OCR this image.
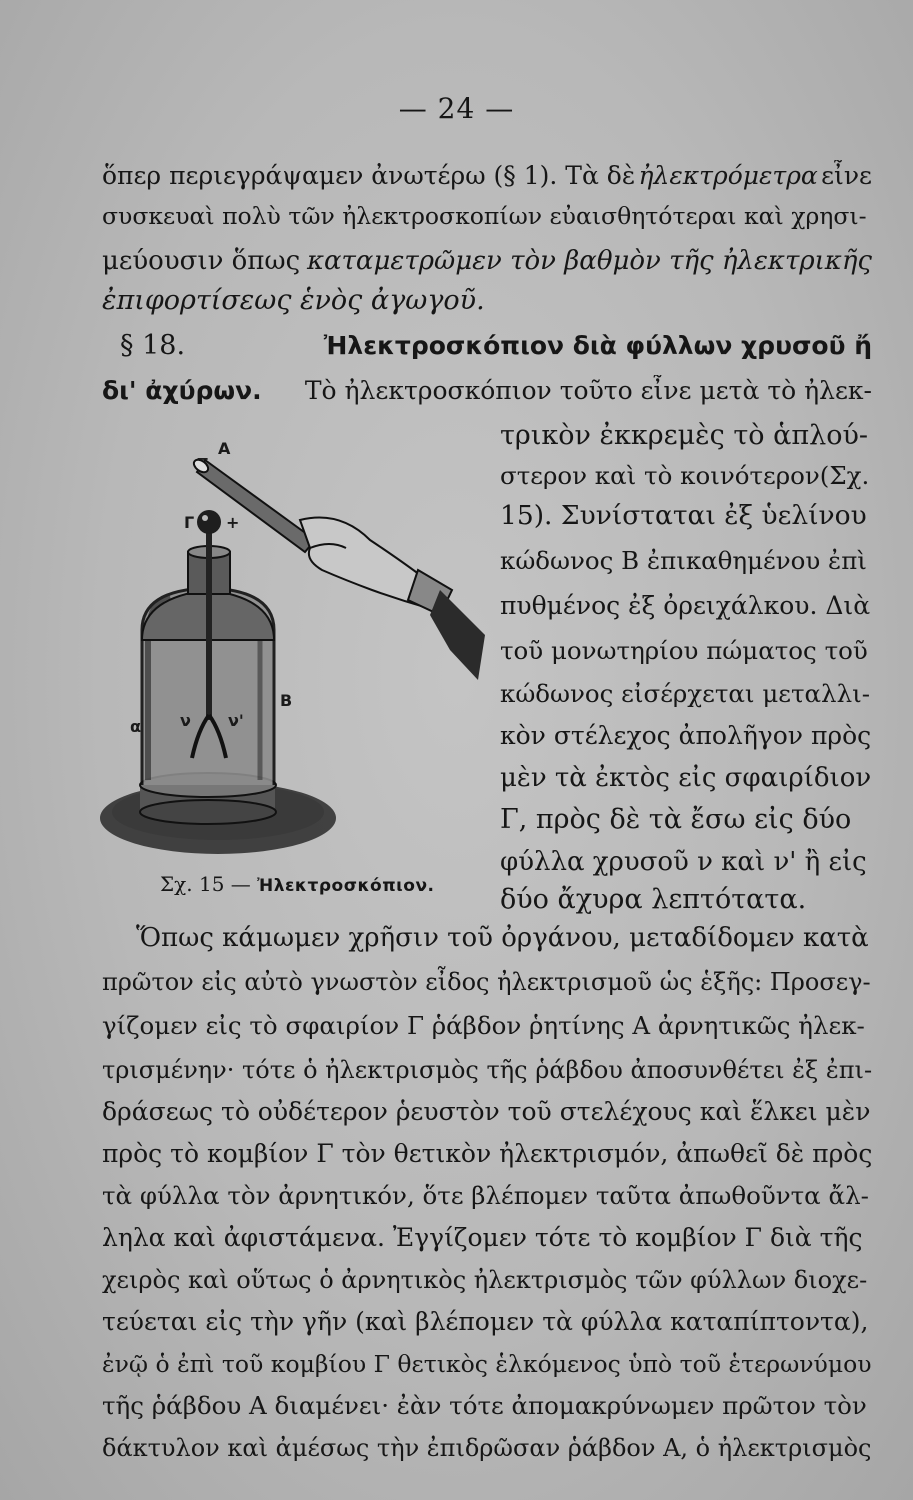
— 24 —
ὅπερ περιεγράψαμεν ἀνωτέρω (§ 1). Τὰ δὲ ἠλεκτρόμετρα εἶνε
συσκευαὶ πολὺ τῶν ἠλεκτροσκοπίων εὐαισθητότεραι καὶ χρησι-
μεύουσιν ὅπως καταμετρῶμεν τὸν βαθμὸν τῆς ἠλεκτρικῆς
ἐπιφορτίσεως ἑνὸς ἀγωγοῦ.
§ 18.	Ἠλεκτροσκόπιον διὰ φύλλων χρυσοῦ ἤ
δι' ἀχύρων. Τὸ ἠλεκτροσκόπιον τοῦτο εἶνε μετὰ τὸ ἠλεκ-
τρικὸν ἐκκρεμὲς τὸ ἁπλού-
στερον καὶ τὸ κοινότερον(Σχ.
15). Συνίσταται ἐξ ὑελίνου
κώδωνος Β ἐπικαθημένου ἐπὶ
πυθμένος ἐξ ὀρειχάλκου. Διὰ
τοῦ μονωτηρίου πώματος τοῦ
κώδωνος εἰσέρχεται μεταλλι-
κὸν στέλεχος ἀπολῆγον πρὸς
μὲν τὰ ἐκτὸς εἰς σφαιρίδιον
Γ, πρὸς δὲ τὰ ἔσω εἰς δύο
φύλλα χρυσοῦ ν καὶ ν' ἢ εἰς
δύο ἄχυρα λεπτότατα.
Α
−
Γ +
Β
α ν ν'
Σχ. 15 — Ἠλεκτροσκόπιον.
Ὅπως κάμωμεν χρῆσιν τοῦ ὀργάνου, μεταδίδομεν κατὰ
πρῶτον εἰς αὐτὸ γνωστὸν εἶδος ἠλεκτρισμοῦ ὡς ἑξῆς: Προσεγ-
γίζομεν εἰς τὸ σφαιρίον Γ ῥάβδον ῥητίνης Α ἀρνητικῶς ἠλεκ-
τρισμένην· τότε ὁ ἠλεκτρισμὸς τῆς ῥάβδου ἀποσυνθέτει ἐξ ἐπι-
δράσεως τὸ οὐδέτερον ῥευστὸν τοῦ στελέχους καὶ ἕλκει μὲν
πρὸς τὸ κομβίον Γ τὸν θετικὸν ἠλεκτρισμόν, ἀπωθεῖ δὲ πρὸς
τὰ φύλλα τὸν ἀρνητικόν, ὅτε βλέπομεν ταῦτα ἀπωθοῦντα ἄλ-
ληλα καὶ ἀφιστάμενα. Ἐγγίζομεν τότε τὸ κομβίον Γ διὰ τῆς
χειρὸς καὶ οὕτως ὁ ἀρνητικὸς ἠλεκτρισμὸς τῶν φύλλων διοχε-
τεύεται εἰς τὴν γῆν (καὶ βλέπομεν τὰ φύλλα καταπίπτοντα),
ἐνῷ ὁ ἐπὶ τοῦ κομβίου Γ θετικὸς ἑλκόμενος ὑπὸ τοῦ ἑτερωνύμου
τῆς ῥάβδου Α διαμένει· ἐὰν τότε ἀπομακρύνωμεν πρῶτον τὸν
δάκτυλον καὶ ἀμέσως τὴν ἐπιδρῶσαν ῥάβδον Α, ὁ ἠλεκτρισμὸς
